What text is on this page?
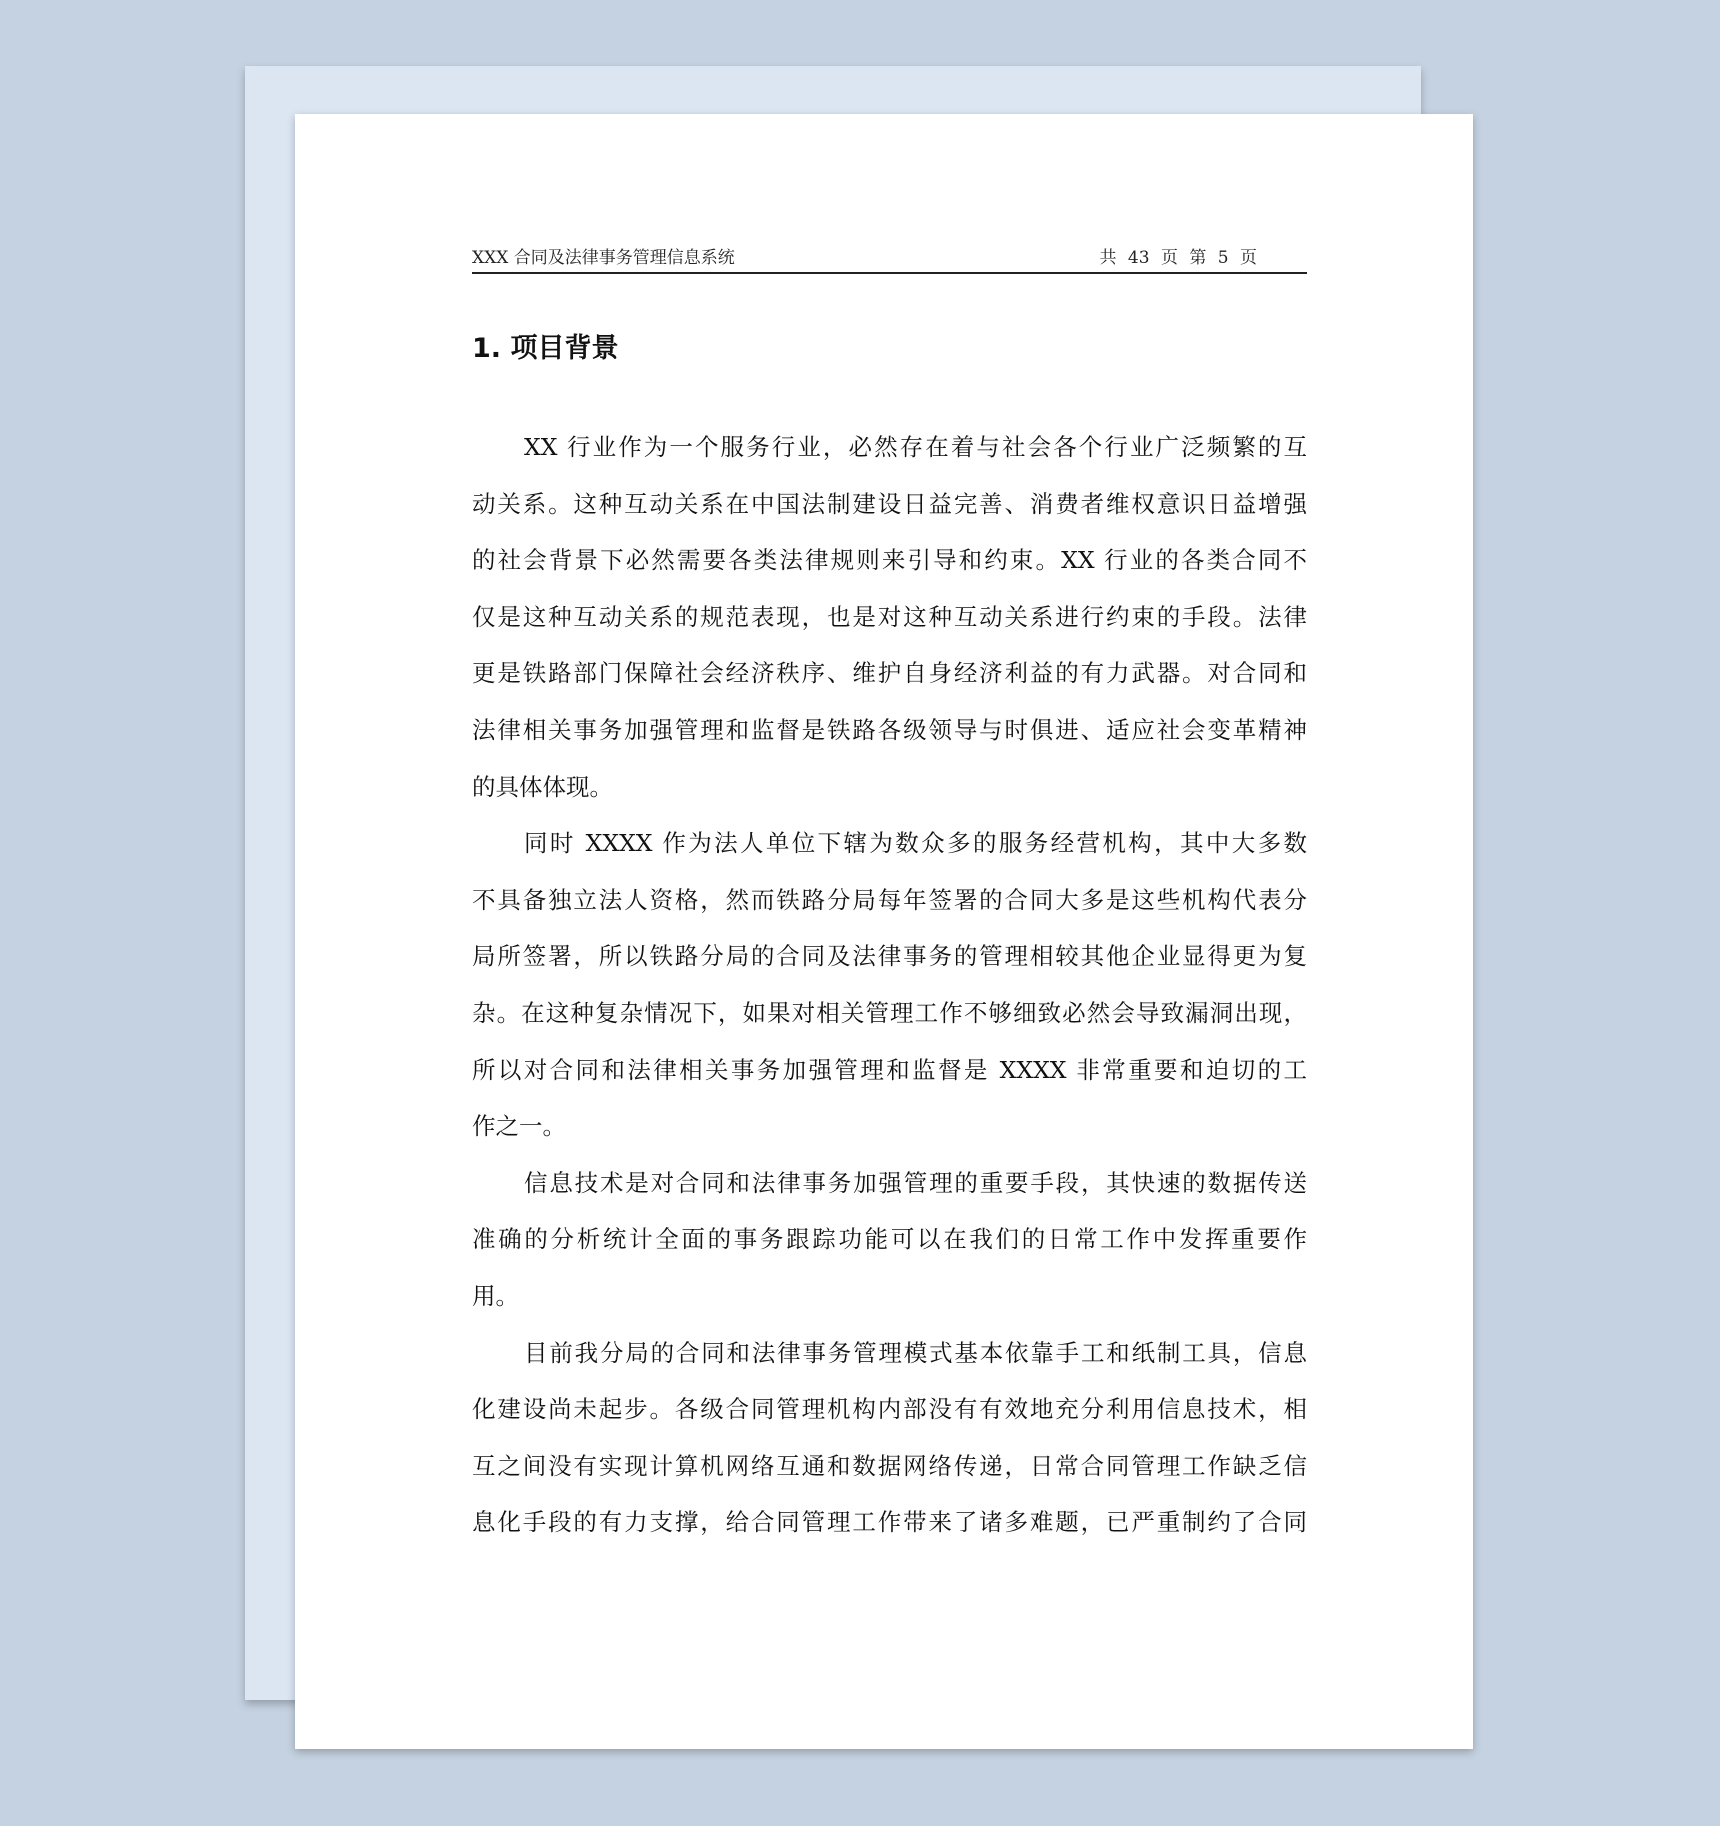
XXX 合同及法律事务管理信息系统	共 43 页 第 5 页
1. 项目背景
XX 行业作为一个服务行业，必然存在着与社会各个行业广泛频繁的互
动关系。这种互动关系在中国法制建设日益完善、消费者维权意识日益增强
的社会背景下必然需要各类法律规则来引导和约束。XX 行业的各类合同不
仅是这种互动关系的规范表现，也是对这种互动关系进行约束的手段。法律
更是铁路部门保障社会经济秩序、维护自身经济利益的有力武器。对合同和
法律相关事务加强管理和监督是铁路各级领导与时俱进、适应社会变革精神
的具体体现。
同时 XXXX 作为法人单位下辖为数众多的服务经营机构，其中大多数
不具备独立法人资格，然而铁路分局每年签署的合同大多是这些机构代表分
局所签署，所以铁路分局的合同及法律事务的管理相较其他企业显得更为复
杂。在这种复杂情况下，如果对相关管理工作不够细致必然会导致漏洞出现，
所以对合同和法律相关事务加强管理和监督是 XXXX 非常重要和迫切的工
作之一。
信息技术是对合同和法律事务加强管理的重要手段，其快速的数据传送
准确的分析统计全面的事务跟踪功能可以在我们的日常工作中发挥重要作
用。
目前我分局的合同和法律事务管理模式基本依靠手工和纸制工具，信息
化建设尚未起步。各级合同管理机构内部没有有效地充分利用信息技术，相
互之间没有实现计算机网络互通和数据网络传递，日常合同管理工作缺乏信
息化手段的有力支撑，给合同管理工作带来了诸多难题，已严重制约了合同
